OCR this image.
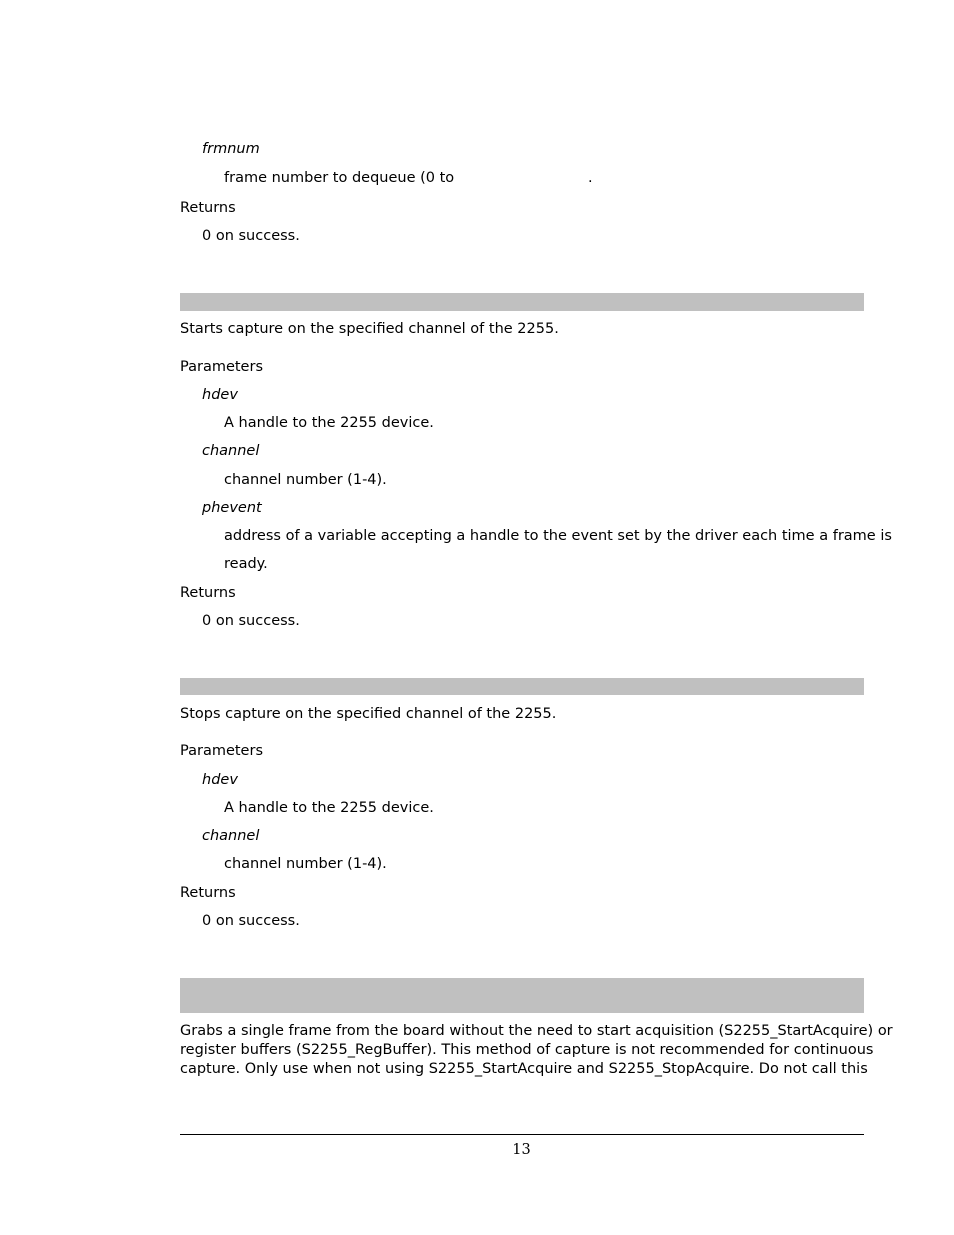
frmnum
frame number to dequeue (0 to	.
Returns
0 on success.
Starts capture on the specified channel of the 2255.
Parameters
hdev
A handle to the 2255 device.
channel
channel number (1-4).
phevent
address of a variable accepting a handle to the event set by the driver each time a frame is
ready.
Returns
0 on success.
Stops capture on the specified channel of the 2255.
Parameters
hdev
A handle to the 2255 device.
channel
channel number (1-4).
Returns
0 on success.
Grabs a single frame from the board without the need to start acquisition (S2255_StartAcquire) or
register buffers (S2255_RegBuffer). This method of capture is not recommended for continuous
capture. Only use when not using S2255_StartAcquire and S2255_StopAcquire. Do not call this
13
